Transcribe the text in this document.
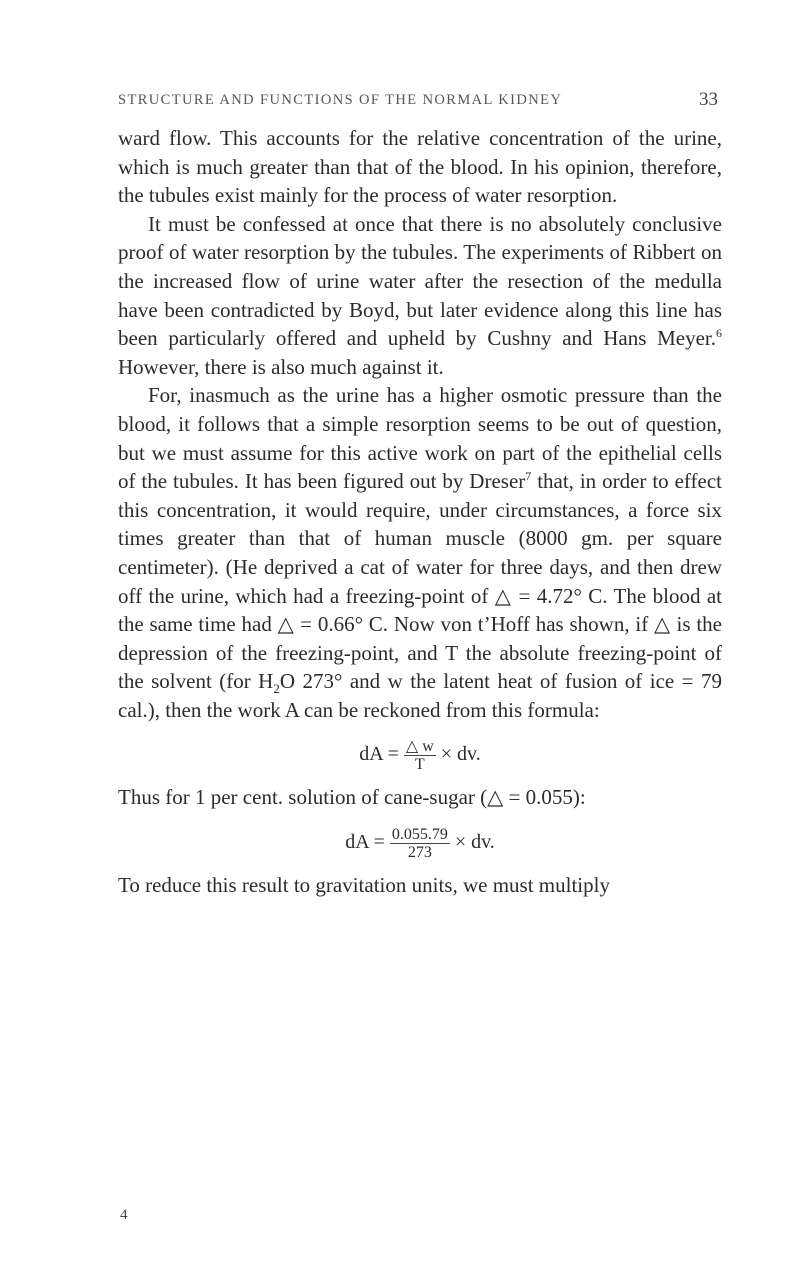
STRUCTURE AND FUNCTIONS OF THE NORMAL KIDNEY	33

ward flow. This accounts for the relative concentration of the urine, which is much greater than that of the blood. In his opinion, therefore, the tubules exist mainly for the process of water resorption.

It must be confessed at once that there is no absolutely conclusive proof of water resorption by the tubules. The experiments of Ribbert on the increased flow of urine water after the resection of the medulla have been contradicted by Boyd, but later evidence along this line has been particularly offered and upheld by Cushny and Hans Meyer.$^6$ However, there is also much against it.

For, inasmuch as the urine has a higher osmotic pressure than the blood, it follows that a simple resorption seems to be out of question, but we must assume for this active work on part of the epithelial cells of the tubules. It has been figured out by Dreser$^7$ that, in order to effect this concentration, it would require, under circumstances, a force six times greater than that of human muscle (8000 gm. per square centimeter). (He deprived a cat of water for three days, and then drew off the urine, which had a freezing-point of △ = 4.72° C. The blood at the same time had △ = 0.66° C. Now von t’Hoff has shown, if △ is the depression of the freezing-point, and T the absolute freezing-point of the solvent (for $H_2O$ 273° and w the latent heat of fusion of ice = 79 cal.), then the work A can be reckoned from this formula:

dA = $\frac{\triangle w}{T}$ × dv.

Thus for 1 per cent. solution of cane-sugar (△ = 0.055):

dA = $\frac{0.055.79}{273}$ × dv.

To reduce this result to gravitation units, we must multiply

4
